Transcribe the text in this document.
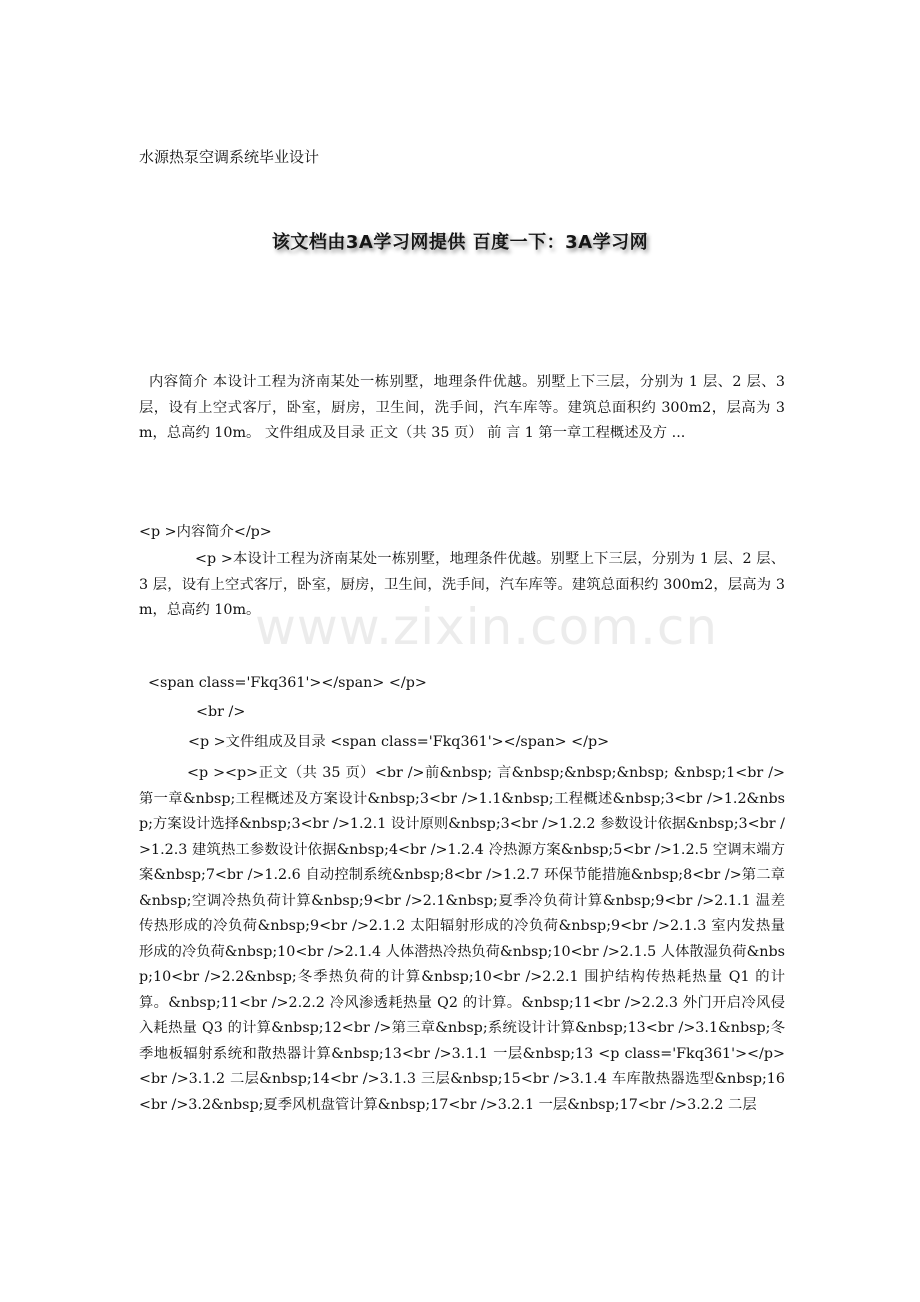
水源热泵空调系统毕业设计
该文档由3A学习网提供 百度一下：3A学习网
www.zixin.com.cn
内容简介 本设计工程为济南某处一栋别墅，地理条件优越。别墅上下三层，分别为 1 层、2 层、3 层，设有上空式客厅，卧室，厨房，卫生间，洗手间，汽车库等。建筑总面积约 300m2，层高为 3m，总高约 10m。 文件组成及目录 正文（共 35 页） 前 言 1 第一章工程概述及方 ...
<p >内容简介</p>
<p >本设计工程为济南某处一栋别墅，地理条件优越。别墅上下三层，分别为 1 层、2 层、3 层，设有上空式客厅，卧室，厨房，卫生间，洗手间，汽车库等。建筑总面积约 300m2，层高为 3m，总高约 10m。
<span class='Fkq361'></span> </p>
<br />
<p >文件组成及目录 <span class='Fkq361'></span> </p>
<p ><p>正文（共 35 页）<br />前&nbsp; 言&nbsp;&nbsp;&nbsp; &nbsp;1<br />第一章&nbsp;工程概述及方案设计&nbsp;3<br />1.1&nbsp;工程概述&nbsp;3<br />1.2&nbsp;方案设计选择&nbsp;3<br />1.2.1 设计原则&nbsp;3<br />1.2.2 参数设计依据&nbsp;3<br />1.2.3 建筑热工参数设计依据&nbsp;4<br />1.2.4 冷热源方案&nbsp;5<br />1.2.5 空调末端方案&nbsp;7<br />1.2.6 自动控制系统&nbsp;8<br />1.2.7 环保节能措施&nbsp;8<br />第二章&nbsp;空调冷热负荷计算&nbsp;9<br />2.1&nbsp;夏季冷负荷计算&nbsp;9<br />2.1.1 温差传热形成的冷负荷&nbsp;9<br />2.1.2 太阳辐射形成的冷负荷&nbsp;9<br />2.1.3 室内发热量形成的冷负荷&nbsp;10<br />2.1.4 人体潜热冷热负荷&nbsp;10<br />2.1.5 人体散湿负荷&nbsp;10<br />2.2&nbsp;冬季热负荷的计算&nbsp;10<br />2.2.1 围护结构传热耗热量 Q1 的计算。&nbsp;11<br />2.2.2 冷风渗透耗热量 Q2 的计算。&nbsp;11<br />2.2.3 外门开启冷风侵入耗热量 Q3 的计算&nbsp;12<br />第三章&nbsp;系统设计计算&nbsp;13<br />3.1&nbsp;冬季地板辐射系统和散热器计算&nbsp;13<br />3.1.1 一层&nbsp;13 <p class='Fkq361'></p><br />3.1.2 二层&nbsp;14<br />3.1.3 三层&nbsp;15<br />3.1.4 车库散热器选型&nbsp;16<br />3.2&nbsp;夏季风机盘管计算&nbsp;17<br />3.2.1 一层&nbsp;17<br />3.2.2 二层
